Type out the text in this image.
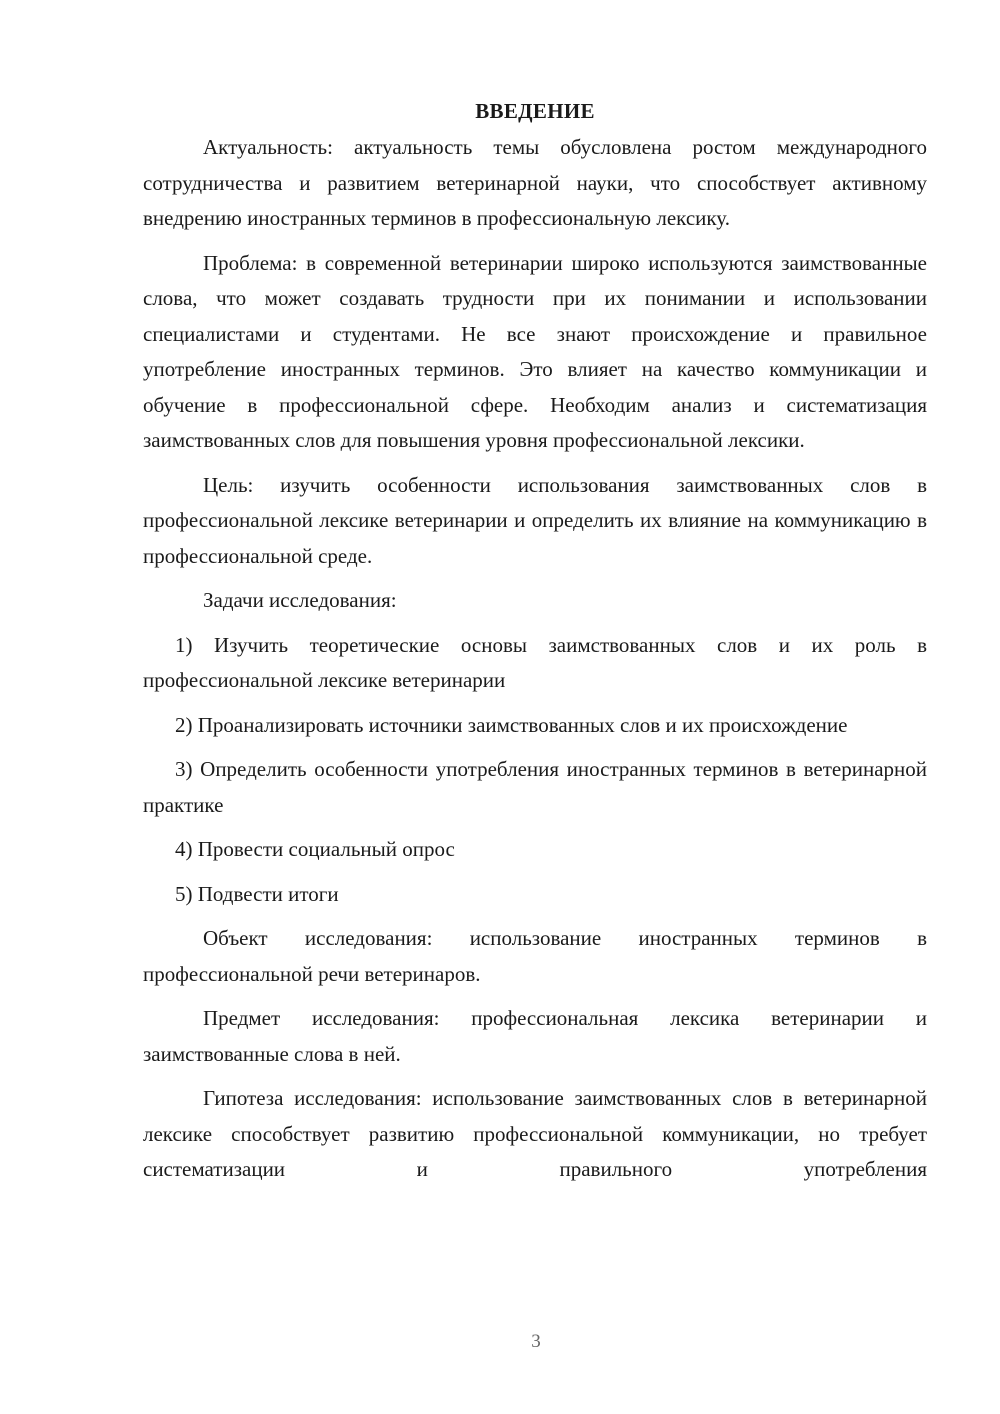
ВВЕДЕНИЕ

Актуальность: актуальность темы обусловлена ростом международного сотрудничества и развитием ветеринарной науки, что способствует активному внедрению иностранных терминов в профессиональную лексику.

Проблема: в современной ветеринарии широко используются заимствованные слова, что может создавать трудности при их понимании и использовании специалистами и студентами. Не все знают происхождение и правильное употребление иностранных терминов. Это влияет на качество коммуникации и обучение в профессиональной сфере. Необходим анализ и систематизация заимствованных слов для повышения уровня профессиональной лексики.

Цель: изучить особенности использования заимствованных слов в профессиональной лексике ветеринарии и определить их влияние на коммуникацию в профессиональной среде.

Задачи исследования:

1) Изучить теоретические основы заимствованных слов и их роль в профессиональной лексике ветеринарии

2) Проанализировать источники заимствованных слов и их происхождение

3) Определить особенности употребления иностранных терминов в ветеринарной практике

4) Провести социальный опрос

5) Подвести итоги

Объект исследования: использование иностранных терминов в профессиональной речи ветеринаров.

Предмет исследования: профессиональная лексика ветеринарии и заимствованные слова в ней.

Гипотеза исследования: использование заимствованных слов в ветеринарной лексике способствует развитию профессиональной коммуникации, но требует систематизации и правильного употребления

3
